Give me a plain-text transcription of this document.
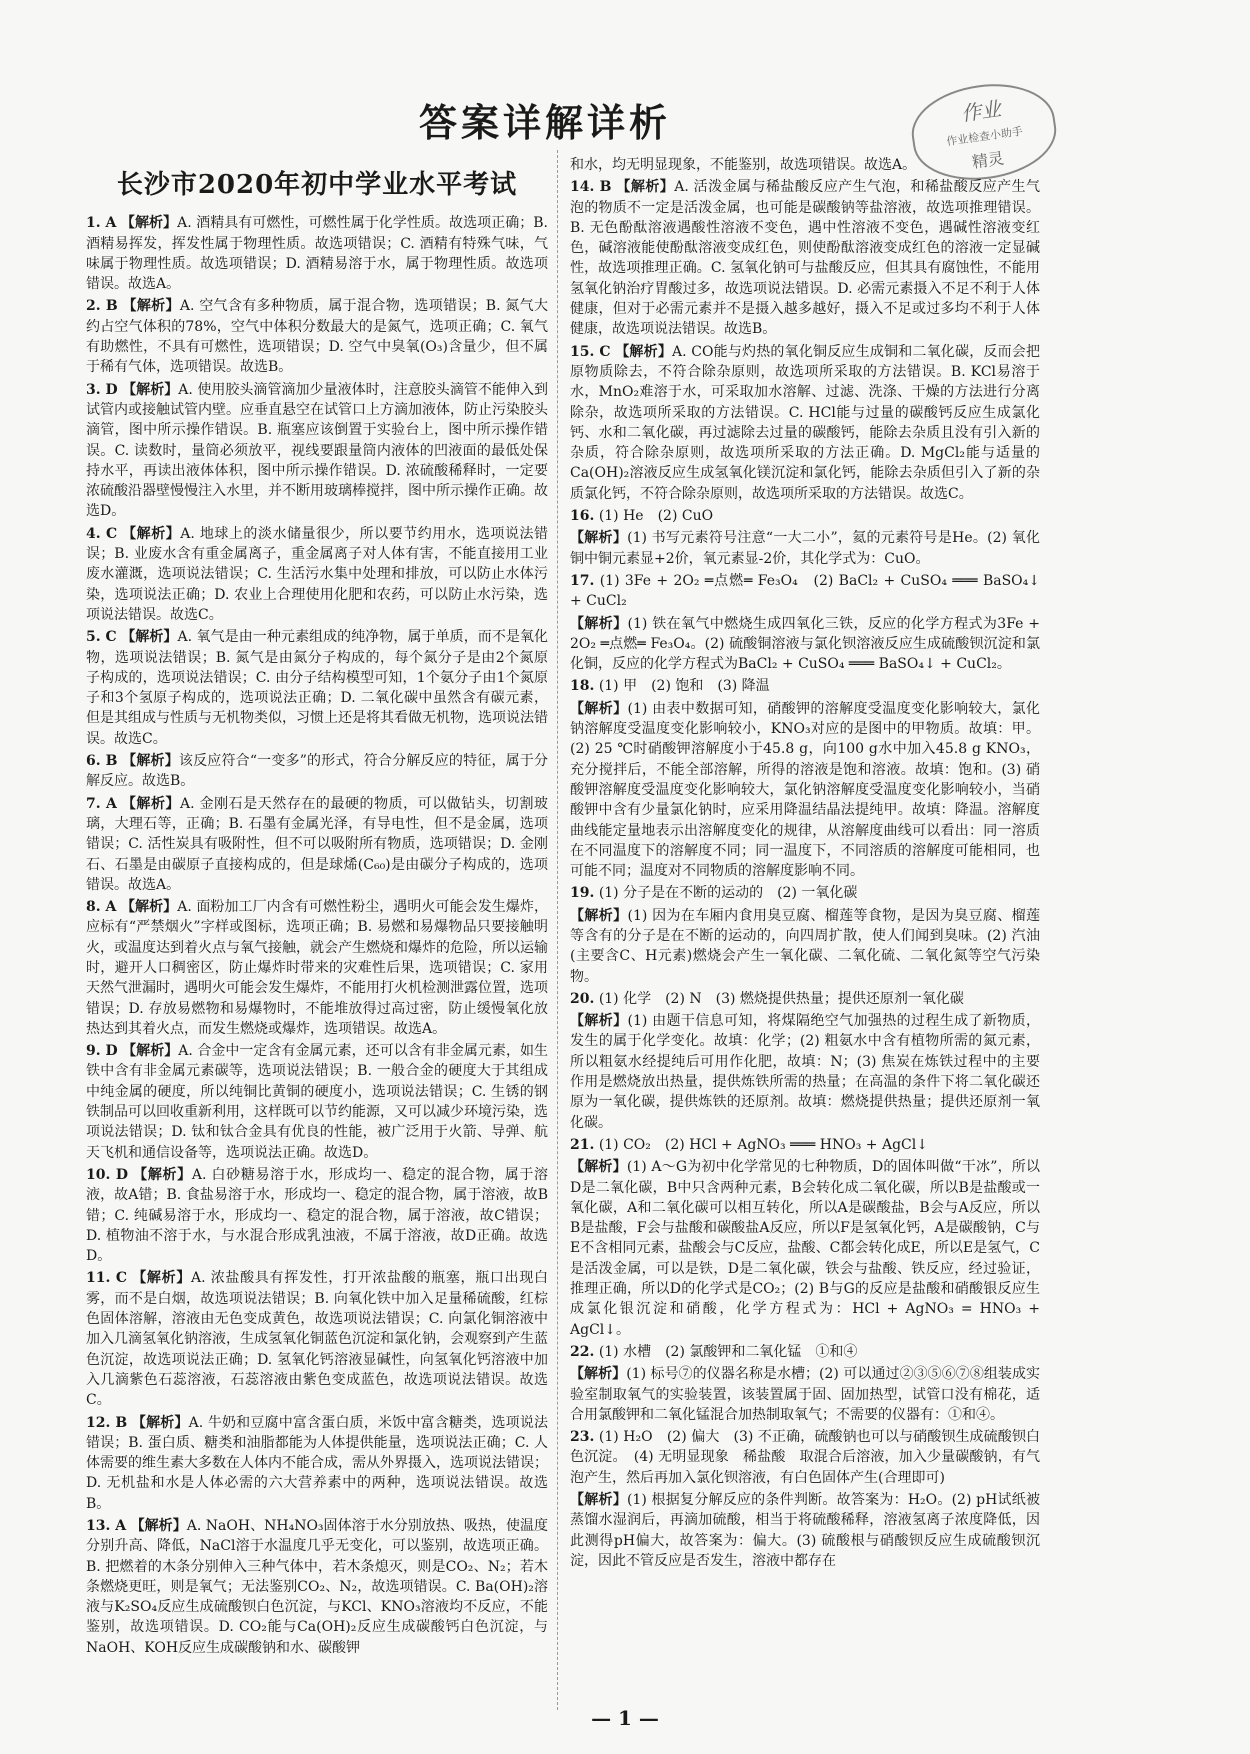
答案详解详析	作业
作业检查小助手
精灵
长沙市2020年初中学业水平考试
1. A 【解析】A. 酒精具有可燃性，可燃性属于化学性质。故选项正确；B. 酒精易挥发，挥发性属于物理性质。故选项错误；C. 酒精有特殊气味，气味属于物理性质。故选项错误；D. 酒精易溶于水，属于物理性质。故选项错误。故选A。
2. B 【解析】A. 空气含有多种物质，属于混合物，选项错误；B. 氮气大约占空气体积的78%，空气中体积分数最大的是氮气，选项正确；C. 氧气有助燃性，不具有可燃性，选项错误；D. 空气中臭氧(O₃)含量少，但不属于稀有气体，选项错误。故选B。
3. D 【解析】A. 使用胶头滴管滴加少量液体时，注意胶头滴管不能伸入到试管内或接触试管内壁。应垂直悬空在试管口上方滴加液体，防止污染胶头滴管，图中所示操作错误。B. 瓶塞应该倒置于实验台上，图中所示操作错误。C. 读数时，量筒必须放平，视线要跟量筒内液体的凹液面的最低处保持水平，再读出液体体积，图中所示操作错误。D. 浓硫酸稀释时，一定要浓硫酸沿器壁慢慢注入水里，并不断用玻璃棒搅拌，图中所示操作正确。故选D。
4. C 【解析】A. 地球上的淡水储量很少，所以要节约用水，选项说法错误；B. 业废水含有重金属离子，重金属离子对人体有害，不能直接用工业废水灌溉，选项说法错误；C. 生活污水集中处理和排放，可以防止水体污染，选项说法正确；D. 农业上合理使用化肥和农药，可以防止水污染，选项说法错误。故选C。
5. C 【解析】A. 氧气是由一种元素组成的纯净物，属于单质，而不是氧化物，选项说法错误；B. 氮气是由氮分子构成的，每个氮分子是由2个氮原子构成的，选项说法错误；C. 由分子结构模型可知，1个氨分子由1个氮原子和3个氢原子构成的，选项说法正确；D. 二氧化碳中虽然含有碳元素，但是其组成与性质与无机物类似，习惯上还是将其看做无机物，选项说法错误。故选C。
6. B 【解析】该反应符合“一变多”的形式，符合分解反应的特征，属于分解反应。故选B。
7. A 【解析】A. 金刚石是天然存在的最硬的物质，可以做钻头，切割玻璃，大理石等，正确；B. 石墨有金属光泽，有导电性，但不是金属，选项错误；C. 活性炭具有吸附性，但不可以吸附所有物质，选项错误；D. 金刚石、石墨是由碳原子直接构成的，但是球烯(C₆₀)是由碳分子构成的，选项错误。故选A。
8. A 【解析】A. 面粉加工厂内含有可燃性粉尘，遇明火可能会发生爆炸，应标有“严禁烟火”字样或图标，选项正确；B. 易燃和易爆物品只要接触明火，或温度达到着火点与氧气接触，就会产生燃烧和爆炸的危险，所以运输时，避开人口稠密区，防止爆炸时带来的灾难性后果，选项错误；C. 家用天然气泄漏时，遇明火可能会发生爆炸，不能用打火机检测泄露位置，选项错误；D. 存放易燃物和易爆物时，不能堆放得过高过密，防止缓慢氧化放热达到其着火点，而发生燃烧或爆炸，选项错误。故选A。
9. D 【解析】A. 合金中一定含有金属元素，还可以含有非金属元素，如生铁中含有非金属元素碳等，选项说法错误；B. 一般合金的硬度大于其组成中纯金属的硬度，所以纯铜比黄铜的硬度小，选项说法错误；C. 生锈的钢铁制品可以回收重新利用，这样既可以节约能源，又可以减少环境污染，选项说法错误；D. 钛和钛合金具有优良的性能，被广泛用于火箭、导弹、航天飞机和通信设备等，选项说法正确。故选D。
10. D 【解析】A. 白砂糖易溶于水，形成均一、稳定的混合物，属于溶液，故A错；B. 食盐易溶于水，形成均一、稳定的混合物，属于溶液，故B错；C. 纯碱易溶于水，形成均一、稳定的混合物，属于溶液，故C错误；D. 植物油不溶于水，与水混合形成乳浊液，不属于溶液，故D正确。故选D。
11. C 【解析】A. 浓盐酸具有挥发性，打开浓盐酸的瓶塞，瓶口出现白雾，而不是白烟，故选项说法错误；B. 向氧化铁中加入足量稀硫酸，红棕色固体溶解，溶液由无色变成黄色，故选项说法错误；C. 向氯化铜溶液中加入几滴氢氧化钠溶液，生成氢氧化铜蓝色沉淀和氯化钠，会观察到产生蓝色沉淀，故选项说法正确；D. 氢氧化钙溶液显碱性，向氢氧化钙溶液中加入几滴紫色石蕊溶液，石蕊溶液由紫色变成蓝色，故选项说法错误。故选C。
12. B 【解析】A. 牛奶和豆腐中富含蛋白质，米饭中富含糖类，选项说法错误；B. 蛋白质、糖类和油脂都能为人体提供能量，选项说法正确；C. 人体需要的维生素大多数在人体内不能合成，需从外界摄入，选项说法错误；D. 无机盐和水是人体必需的六大营养素中的两种，选项说法错误。故选B。
13. A 【解析】A. NaOH、NH₄NO₃固体溶于水分别放热、吸热，使温度分别升高、降低，NaCl溶于水温度几乎无变化，可以鉴别，故选项正确。B. 把燃着的木条分别伸入三种气体中，若木条熄灭，则是CO₂、N₂；若木条燃烧更旺，则是氧气；无法鉴别CO₂、N₂，故选项错误。C. Ba(OH)₂溶液与K₂SO₄反应生成硫酸钡白色沉淀，与KCl、KNO₃溶液均不反应，不能鉴别，故选项错误。D. CO₂能与Ca(OH)₂反应生成碳酸钙白色沉淀，与NaOH、KOH反应生成碳酸钠和水、碳酸钾
和水，均无明显现象，不能鉴别，故选项错误。故选A。
14. B 【解析】A. 活泼金属与稀盐酸反应产生气泡，和稀盐酸反应产生气泡的物质不一定是活泼金属，也可能是碳酸钠等盐溶液，故选项推理错误。B. 无色酚酞溶液遇酸性溶液不变色，遇中性溶液不变色，遇碱性溶液变红色，碱溶液能使酚酞溶液变成红色，则使酚酞溶液变成红色的溶液一定显碱性，故选项推理正确。C. 氢氧化钠可与盐酸反应，但其具有腐蚀性，不能用氢氧化钠治疗胃酸过多，故选项说法错误。D. 必需元素摄入不足不利于人体健康，但对于必需元素并不是摄入越多越好，摄入不足或过多均不利于人体健康，故选项说法错误。故选B。
15. C 【解析】A. CO能与灼热的氧化铜反应生成铜和二氧化碳，反而会把原物质除去，不符合除杂原则，故选项所采取的方法错误。B. KCl易溶于水，MnO₂难溶于水，可采取加水溶解、过滤、洗涤、干燥的方法进行分离除杂，故选项所采取的方法错误。C. HCl能与过量的碳酸钙反应生成氯化钙、水和二氧化碳，再过滤除去过量的碳酸钙，能除去杂质且没有引入新的杂质，符合除杂原则，故选项所采取的方法正确。D. MgCl₂能与适量的Ca(OH)₂溶液反应生成氢氧化镁沉淀和氯化钙，能除去杂质但引入了新的杂质氯化钙，不符合除杂原则，故选项所采取的方法错误。故选C。
16. (1) He　(2) CuO
【解析】(1) 书写元素符号注意“一大二小”，氦的元素符号是He。(2) 氧化铜中铜元素显+2价，氧元素显-2价，其化学式为：CuO。
17. (1) 3Fe + 2O₂ ═点燃═ Fe₃O₄　(2) BaCl₂ + CuSO₄ ═══ BaSO₄↓ + CuCl₂
【解析】(1) 铁在氧气中燃烧生成四氧化三铁，反应的化学方程式为3Fe + 2O₂ ═点燃═ Fe₃O₄。(2) 硫酸铜溶液与氯化钡溶液反应生成硫酸钡沉淀和氯化铜，反应的化学方程式为BaCl₂ + CuSO₄ ═══ BaSO₄↓ + CuCl₂。
18. (1) 甲　(2) 饱和　(3) 降温
【解析】(1) 由表中数据可知，硝酸钾的溶解度受温度变化影响较大，氯化钠溶解度受温度变化影响较小，KNO₃对应的是图中的甲物质。故填：甲。(2) 25 ℃时硝酸钾溶解度小于45.8 g，向100 g水中加入45.8 g KNO₃，充分搅拌后，不能全部溶解，所得的溶液是饱和溶液。故填：饱和。(3) 硝酸钾溶解度受温度变化影响较大，氯化钠溶解度受温度变化影响较小，当硝酸钾中含有少量氯化钠时，应采用降温结晶法提纯甲。故填：降温。溶解度曲线能定量地表示出溶解度变化的规律，从溶解度曲线可以看出：同一溶质在不同温度下的溶解度不同；同一温度下，不同溶质的溶解度可能相同，也可能不同；温度对不同物质的溶解度影响不同。
19. (1) 分子是在不断的运动的　(2) 一氧化碳
【解析】(1) 因为在车厢内食用臭豆腐、榴莲等食物，是因为臭豆腐、榴莲等含有的分子是在不断的运动的，向四周扩散，使人们闻到臭味。(2) 汽油(主要含C、H元素)燃烧会产生一氧化碳、二氧化硫、二氧化氮等空气污染物。
20. (1) 化学　(2) N　(3) 燃烧提供热量；提供还原剂一氧化碳
【解析】(1) 由题干信息可知，将煤隔绝空气加强热的过程生成了新物质，发生的属于化学变化。故填：化学；(2) 粗氨水中含有植物所需的氮元素，所以粗氨水经提纯后可用作化肥，故填：N；(3) 焦炭在炼铁过程中的主要作用是燃烧放出热量，提供炼铁所需的热量；在高温的条件下将二氧化碳还原为一氧化碳，提供炼铁的还原剂。故填：燃烧提供热量；提供还原剂一氧化碳。
21. (1) CO₂　(2) HCl + AgNO₃ ═══ HNO₃ + AgCl↓
【解析】(1) A～G为初中化学常见的七种物质，D的固体叫做“干冰”，所以D是二氧化碳，B中只含两种元素，B会转化成二氧化碳，所以B是盐酸或一氧化碳，A和二氧化碳可以相互转化，所以A是碳酸盐，B会与A反应，所以B是盐酸，F会与盐酸和碳酸盐A反应，所以F是氢氧化钙，A是碳酸钠，C与E不含相同元素，盐酸会与C反应，盐酸、C都会转化成E，所以E是氢气，C是活泼金属，可以是铁，D是二氧化碳，铁会与盐酸、铁反应，经过验证，推理正确，所以D的化学式是CO₂；(2) B与G的反应是盐酸和硝酸银反应生成氯化银沉淀和硝酸，化学方程式为：HCl + AgNO₃ = HNO₃ + AgCl↓。
22. (1) 水槽　(2) 氯酸钾和二氧化锰　①和④
【解析】(1) 标号⑦的仪器名称是水槽；(2) 可以通过②③⑤⑥⑦⑧组装成实验室制取氧气的实验装置，该装置属于固、固加热型，试管口没有棉花，适合用氯酸钾和二氧化锰混合加热制取氧气；不需要的仪器有：①和④。
23. (1) H₂O　(2) 偏大　(3) 不正确，硫酸钠也可以与硝酸钡生成硫酸钡白色沉淀。　(4) 无明显现象　稀盐酸　取混合后溶液，加入少量碳酸钠，有气泡产生，然后再加入氯化钡溶液，有白色固体产生(合理即可)
【解析】(1) 根据复分解反应的条件判断。故答案为：H₂O。(2) pH试纸被蒸馏水湿润后，再滴加硫酸，相当于将硫酸稀释，溶液氢离子浓度降低，因此测得pH偏大，故答案为：偏大。(3) 硫酸根与硝酸钡反应生成硫酸钡沉淀，因此不管反应是否发生，溶液中都存在
— 1 —
